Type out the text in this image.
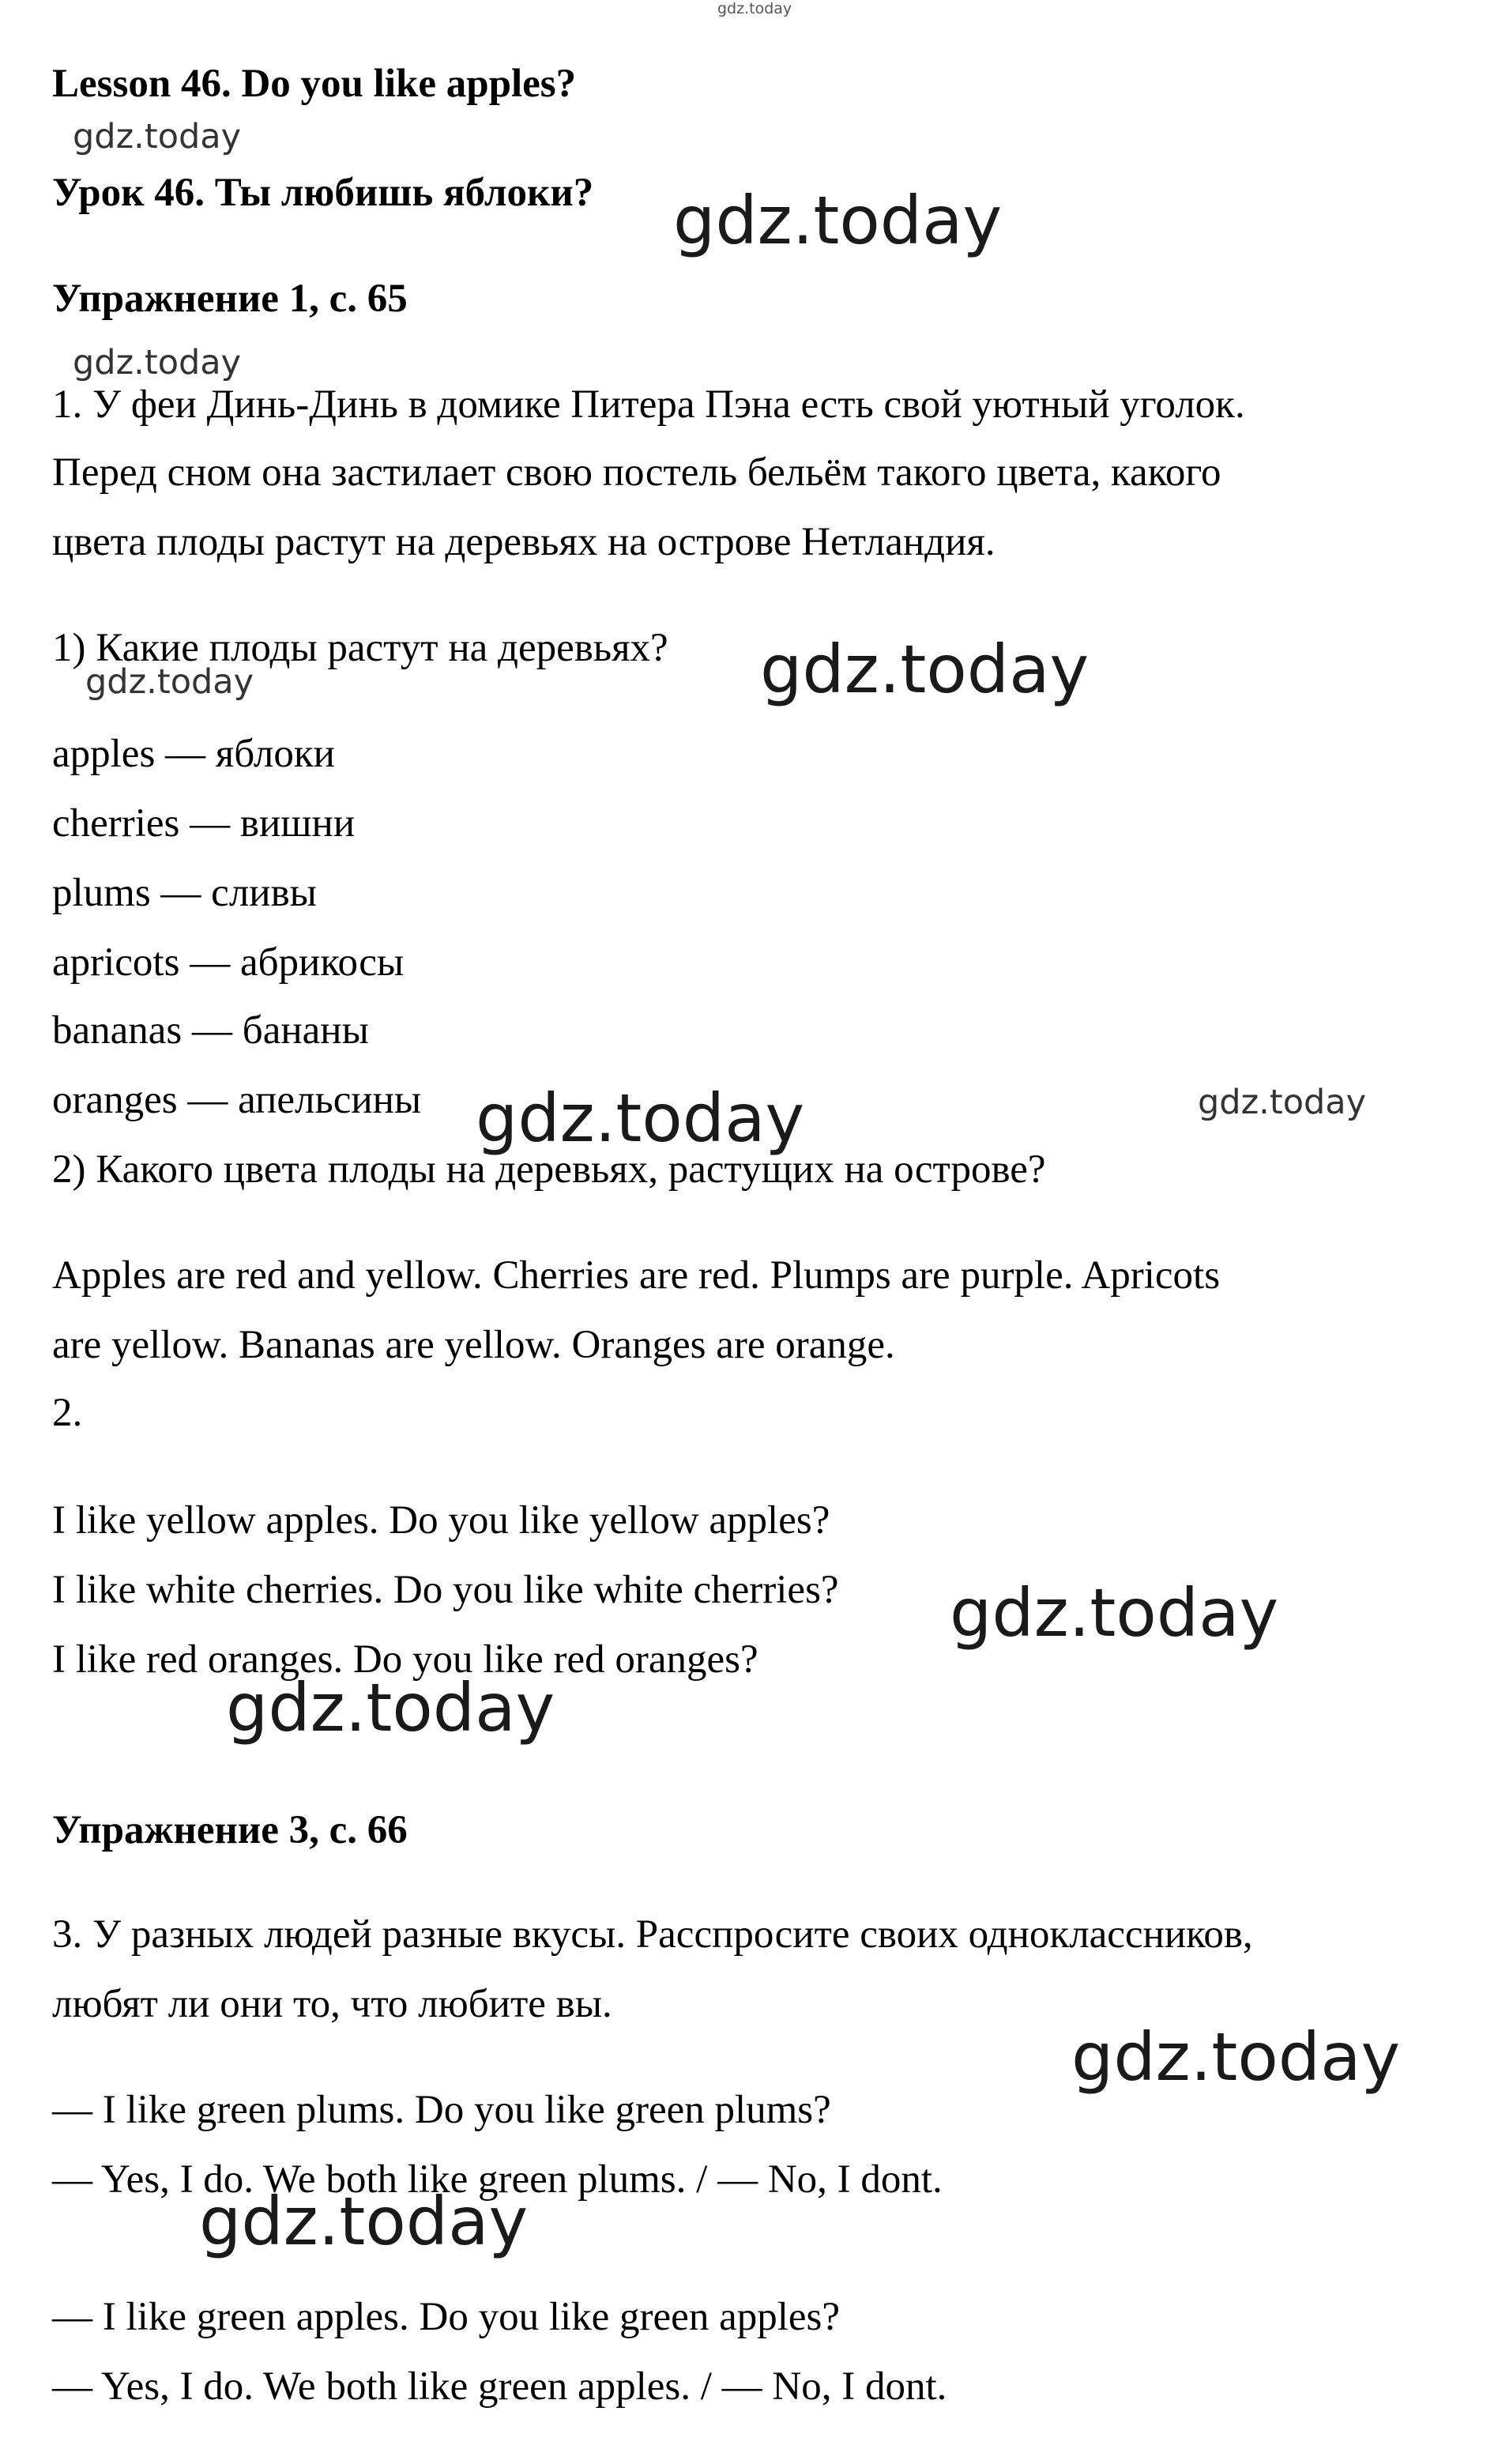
gdz.today
Lesson 46. Do you like apples?
gdz.today
Урок 46. Ты любишь яблоки? gdz.today
Упражнение 1, с. 65
gdz.today
1. У феи Динь-Динь в домике Питера Пэна есть свой уютный уголок.
Перед сном она застилает свою постель бельём такого цвета, какого
цвета плоды растут на деревьях на острове Нетландия.
1) Какие плоды растут на деревьях?
gdz.today	gdz.today
apples — яблоки
cherries — вишни
plums — сливы
apricots — абрикосы
bananas — бананы
oranges — апельсины gdz.today	gdz.today
2) Какого цвета плоды на деревьях, растущих на острове?
Apples are red and yellow. Cherries are red. Plumps are purple. Apricots
are yellow. Bananas are yellow. Oranges are orange.
2.
I like yellow apples. Do you like yellow apples?
I like white cherries. Do you like white cherries? gdz.today
I like red oranges. Do you like red oranges?
gdz.today
Упражнение 3, с. 66
3. У разных людей разные вкусы. Расспросите своих одноклассников,
любят ли они то, что любите вы.
gdz.today
— I like green plums. Do you like green plums?
— Yes, I do. We both like green plums. / — No, I dont.
gdz.today
— I like green apples. Do you like green apples?
— Yes, I do. We both like green apples. / — No, I dont.
